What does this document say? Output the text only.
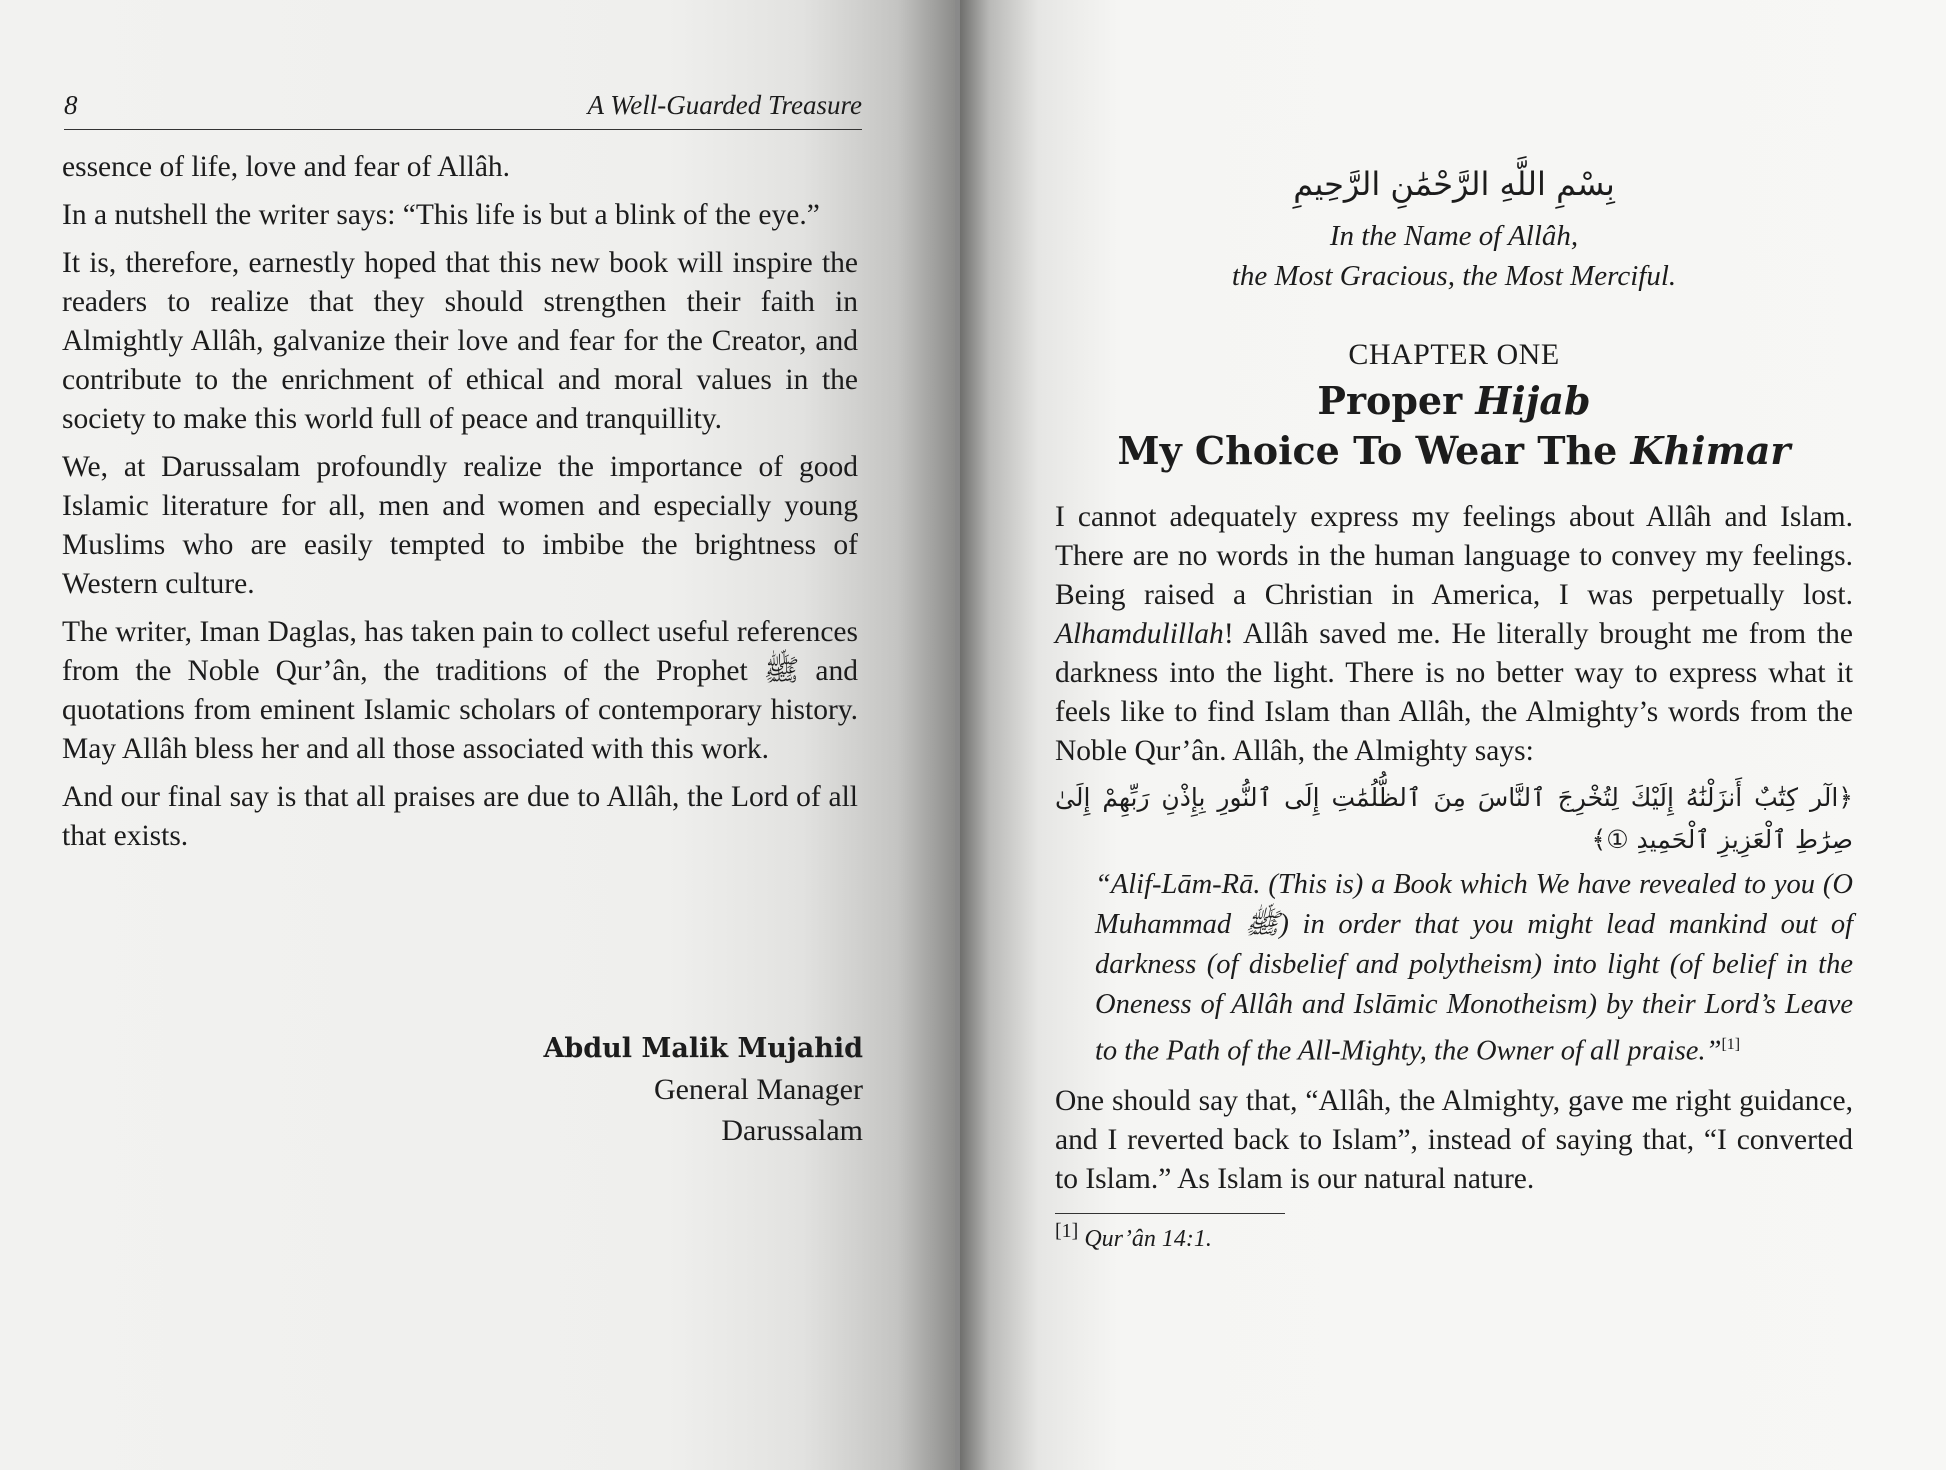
8	A Well-Guarded Treasure

essence of life, love and fear of Allâh.

In a nutshell the writer says: “This life is but a blink of the eye.”

It is, therefore, earnestly hoped that this new book will inspire the readers to realize that they should strengthen their faith in Almightly Allâh, galvanize their love and fear for the Creator, and contribute to the enrichment of ethical and moral values in the society to make this world full of peace and tranquillity.

We, at Darussalam profoundly realize the importance of good Islamic literature for all, men and women and especially young Muslims who are easily tempted to imbibe the brightness of Western culture.

The writer, Iman Daglas, has taken pain to collect useful references from the Noble Qur’ân, the traditions of the Prophet ﷺ and quotations from eminent Islamic scholars of contemporary history. May Allâh bless her and all those associated with this work.

And our final say is that all praises are due to Allâh, the Lord of all that exists.

Abdul Malik Mujahid
General Manager
Darussalam
بِسْمِ اللَّهِ الرَّحْمَٰنِ الرَّحِيمِ
In the Name of Allâh,
the Most Gracious, the Most Merciful.
CHAPTER ONE
Proper Hijab
My Choice To Wear The Khimar

I cannot adequately express my feelings about Allâh and Islam. There are no words in the human language to convey my feelings. Being raised a Christian in America, I was perpetually lost. Alhamdulillah! Allâh saved me. He literally brought me from the darkness into the light. There is no better way to express what it feels like to find Islam than Allâh, the Almighty’s words from the Noble Qur’ân. Allâh, the Almighty says:

﴿الٓر كِتَٰبٌ أَنزَلْنَٰهُ إِلَيْكَ لِتُخْرِجَ ٱلنَّاسَ مِنَ ٱلظُّلُمَٰتِ إِلَى ٱلنُّورِ بِإِذْنِ رَبِّهِمْ إِلَىٰ صِرَٰطِ ٱلْعَزِيزِ ٱلْحَمِيدِ ①﴾
“Alif-Lām-Rā. (This is) a Book which We have revealed to you (O Muhammad ﷺ) in order that you might lead mankind out of darkness (of disbelief and polytheism) into light (of belief in the Oneness of Allâh and Islāmic Monotheism) by their Lord’s Leave to the Path of the All-Mighty, the Owner of all praise.”[1]

One should say that, “Allâh, the Almighty, gave me right guidance, and I reverted back to Islam”, instead of saying that, “I converted to Islam.” As Islam is our natural nature.

[1] Qur’ân 14:1.
